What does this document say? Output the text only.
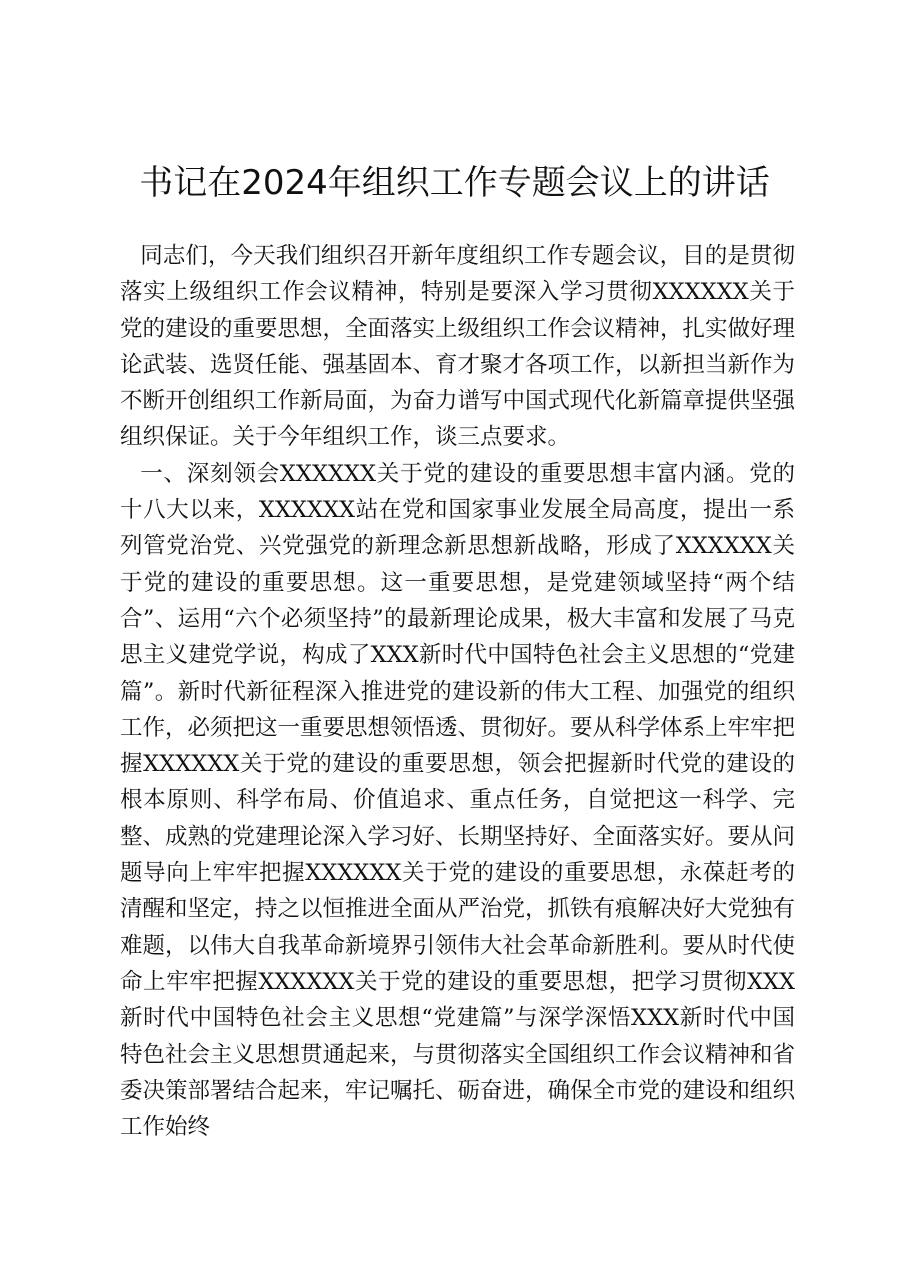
书记在2024年组织工作专题会议上的讲话

同志们，今天我们组织召开新年度组织工作专题会议，目的是贯彻落实上级组织工作会议精神，特别是要深入学习贯彻XXXXXX关于党的建设的重要思想，全面落实上级组织工作会议精神，扎实做好理论武装、选贤任能、强基固本、育才聚才各项工作，以新担当新作为不断开创组织工作新局面，为奋力谱写中国式现代化新篇章提供坚强组织保证。关于今年组织工作，谈三点要求。

一、深刻领会XXXXXX关于党的建设的重要思想丰富内涵。党的十八大以来，XXXXXX站在党和国家事业发展全局高度，提出一系列管党治党、兴党强党的新理念新思想新战略，形成了XXXXXX关于党的建设的重要思想。这一重要思想，是党建领域坚持“两个结合”、运用“六个必须坚持”的最新理论成果，极大丰富和发展了马克思主义建党学说，构成了XXX新时代中国特色社会主义思想的“党建篇”。新时代新征程深入推进党的建设新的伟大工程、加强党的组织工作，必须把这一重要思想领悟透、贯彻好。要从科学体系上牢牢把握XXXXXX关于党的建设的重要思想，领会把握新时代党的建设的根本原则、科学布局、价值追求、重点任务，自觉把这一科学、完整、成熟的党建理论深入学习好、长期坚持好、全面落实好。要从问题导向上牢牢把握XXXXXX关于党的建设的重要思想，永葆赶考的清醒和坚定，持之以恒推进全面从严治党，抓铁有痕解决好大党独有难题，以伟大自我革命新境界引领伟大社会革命新胜利。要从时代使命上牢牢把握XXXXXX关于党的建设的重要思想，把学习贯彻XXX新时代中国特色社会主义思想“党建篇”与深学深悟XXX新时代中国特色社会主义思想贯通起来，与贯彻落实全国组织工作会议精神和省委决策部署结合起来，牢记嘱托、砺奋进，确保全市党的建设和组织工作始终
